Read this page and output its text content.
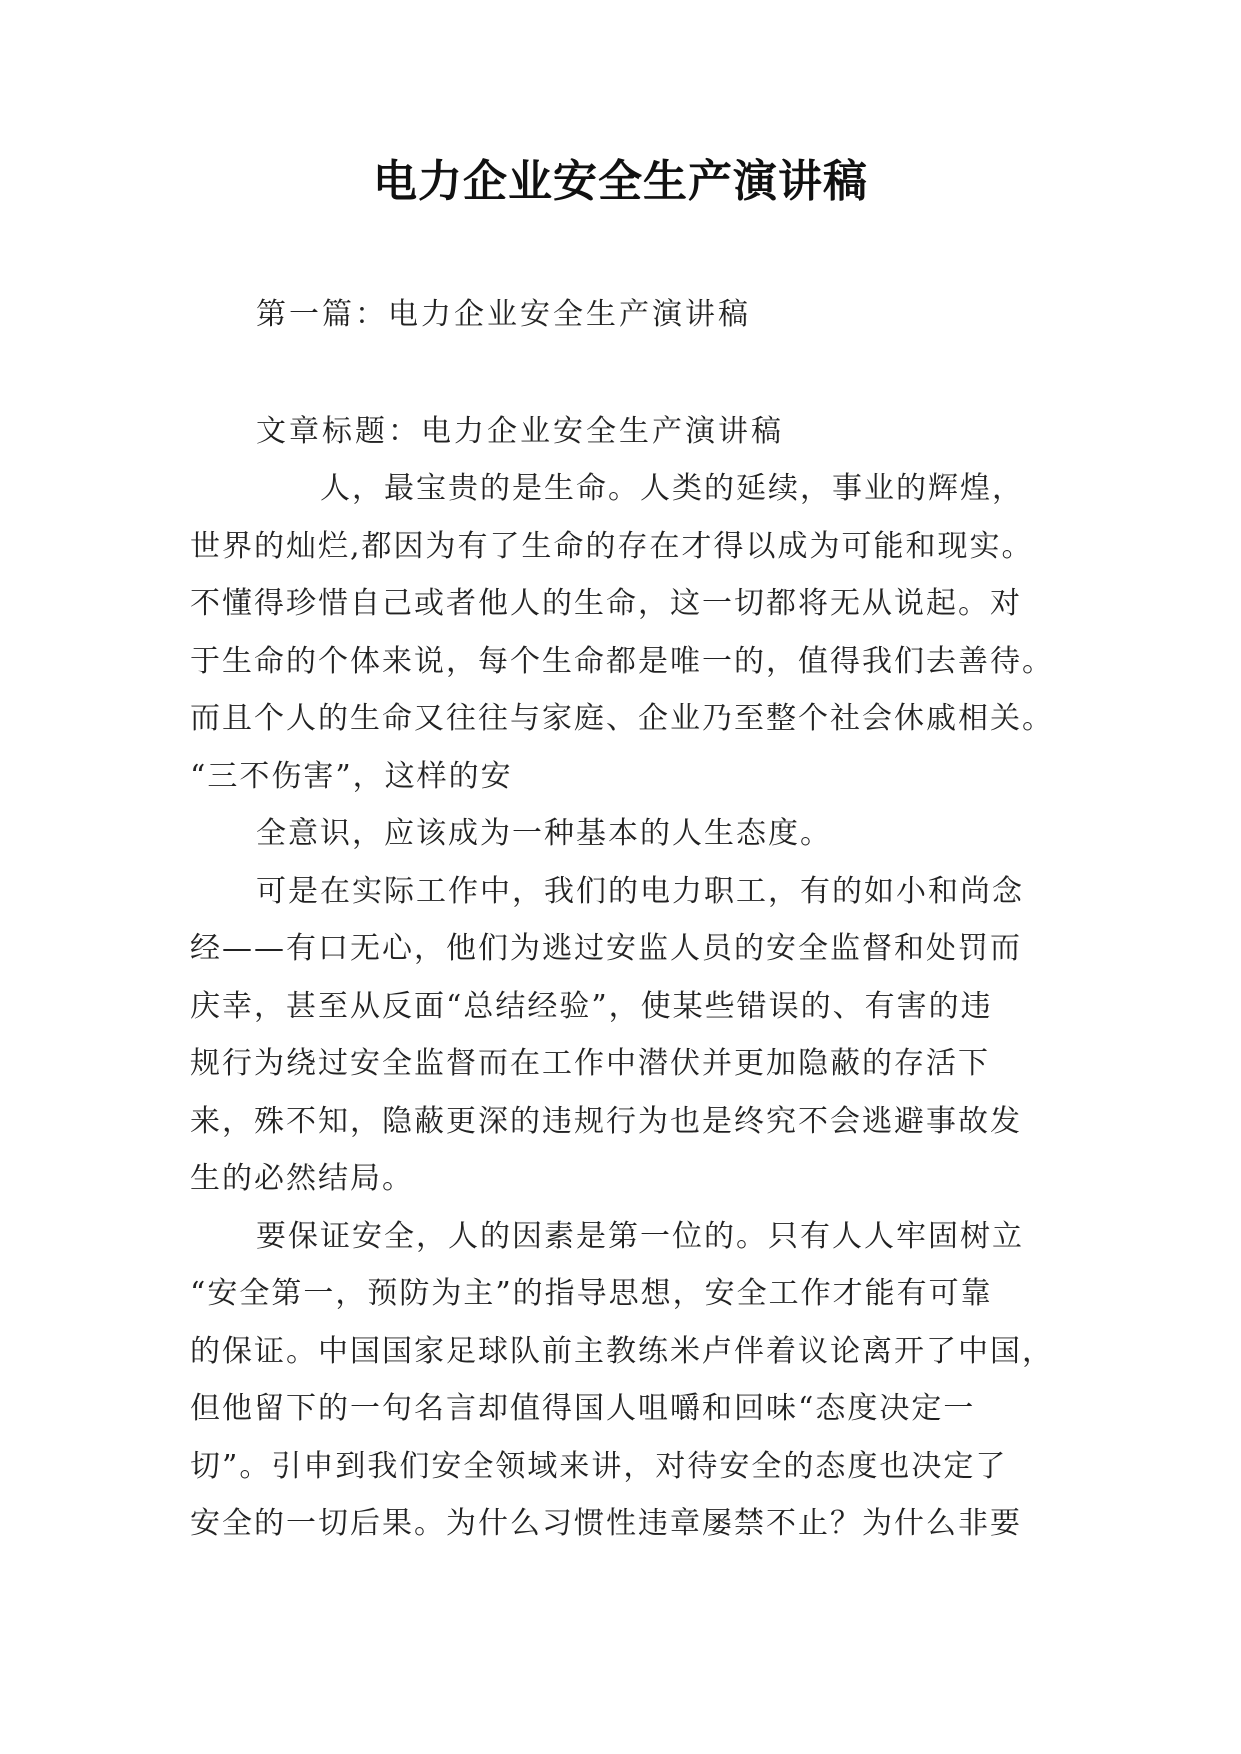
电力企业安全生产演讲稿
第一篇：电力企业安全生产演讲稿
文章标题：电力企业安全生产演讲稿
人，最宝贵的是生命。人类的延续，事业的辉煌，
世界的灿烂,都因为有了生命的存在才得以成为可能和现实。
不懂得珍惜自己或者他人的生命，这一切都将无从说起。对
于生命的个体来说，每个生命都是唯一的，值得我们去善待。
而且个人的生命又往往与家庭、企业乃至整个社会休戚相关。
“三不伤害”，这样的安
全意识，应该成为一种基本的人生态度。
可是在实际工作中，我们的电力职工，有的如小和尚念
经——有口无心，他们为逃过安监人员的安全监督和处罚而
庆幸，甚至从反面“总结经验”，使某些错误的、有害的违
规行为绕过安全监督而在工作中潜伏并更加隐蔽的存活下
来，殊不知，隐蔽更深的违规行为也是终究不会逃避事故发
生的必然结局。
要保证安全，人的因素是第一位的。只有人人牢固树立
“安全第一，预防为主”的指导思想，安全工作才能有可靠
的保证。中国国家足球队前主教练米卢伴着议论离开了中国，
但他留下的一句名言却值得国人咀嚼和回味“态度决定一
切”。引申到我们安全领域来讲，对待安全的态度也决定了
安全的一切后果。为什么习惯性违章屡禁不止？为什么非要
